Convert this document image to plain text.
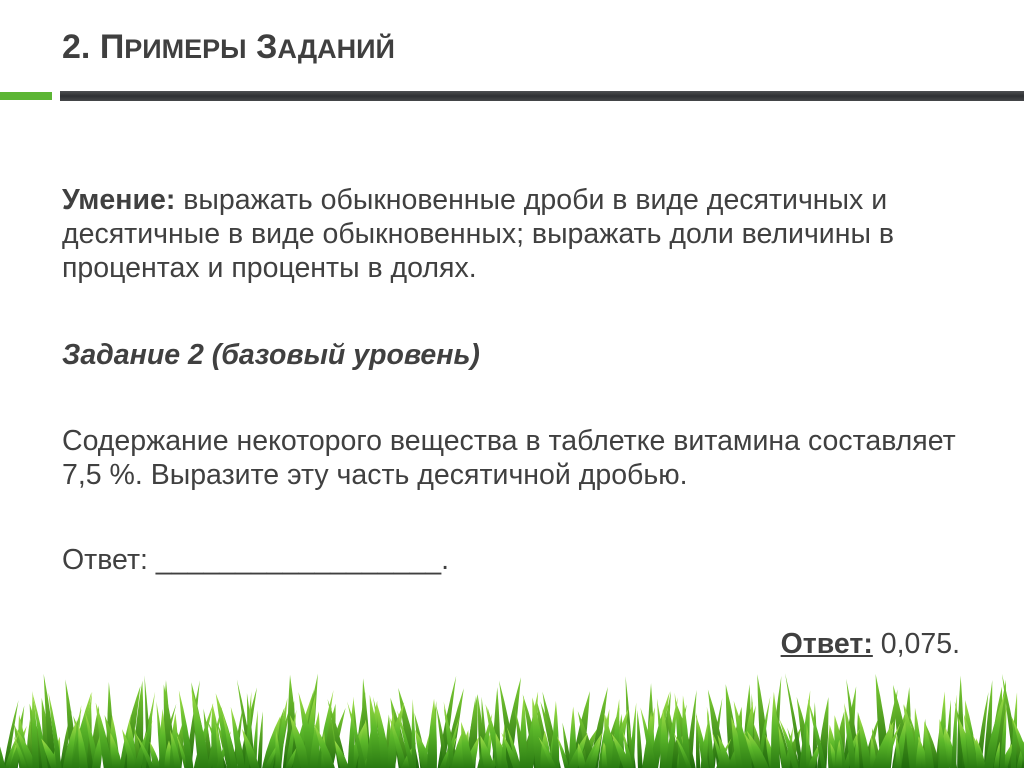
2. ПРИМЕРЫ ЗАДАНИЙ
Умение: выражать обыкновенные дроби в виде десятичных и десятичные в виде обыкновенных; выражать доли величины в процентах и проценты в долях.
Задание 2 (базовый уровень)
Содержание некоторого вещества в таблетке витамина составляет 7,5 %. Выразите эту часть десятичной дробью.
Ответ: __________________.
Ответ: 0,075.
